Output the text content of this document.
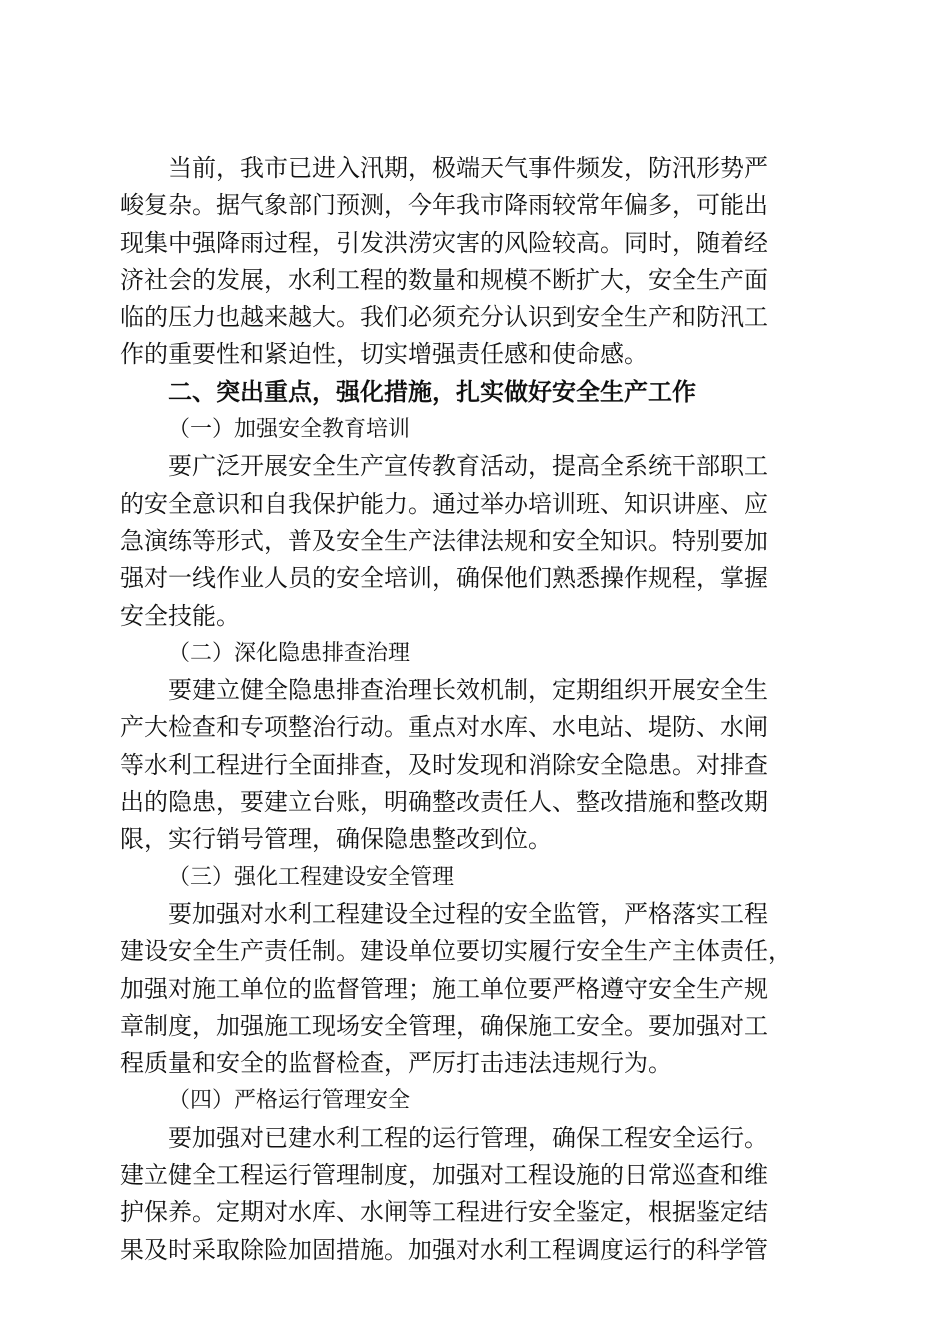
当前，我市已进入汛期，极端天气事件频发，防汛形势严
峻复杂。据气象部门预测，今年我市降雨较常年偏多，可能出
现集中强降雨过程，引发洪涝灾害的风险较高。同时，随着经
济社会的发展，水利工程的数量和规模不断扩大，安全生产面
临的压力也越来越大。我们必须充分认识到安全生产和防汛工
作的重要性和紧迫性，切实增强责任感和使命感。
二、突出重点，强化措施，扎实做好安全生产工作
（一）加强安全教育培训
要广泛开展安全生产宣传教育活动，提高全系统干部职工
的安全意识和自我保护能力。通过举办培训班、知识讲座、应
急演练等形式，普及安全生产法律法规和安全知识。特别要加
强对一线作业人员的安全培训，确保他们熟悉操作规程，掌握
安全技能。
（二）深化隐患排查治理
要建立健全隐患排查治理长效机制，定期组织开展安全生
产大检查和专项整治行动。重点对水库、水电站、堤防、水闸
等水利工程进行全面排查，及时发现和消除安全隐患。对排查
出的隐患，要建立台账，明确整改责任人、整改措施和整改期
限，实行销号管理，确保隐患整改到位。
（三）强化工程建设安全管理
要加强对水利工程建设全过程的安全监管，严格落实工程
建设安全生产责任制。建设单位要切实履行安全生产主体责任，
加强对施工单位的监督管理；施工单位要严格遵守安全生产规
章制度，加强施工现场安全管理，确保施工安全。要加强对工
程质量和安全的监督检查，严厉打击违法违规行为。
（四）严格运行管理安全
要加强对已建水利工程的运行管理，确保工程安全运行。
建立健全工程运行管理制度，加强对工程设施的日常巡查和维
护保养。定期对水库、水闸等工程进行安全鉴定，根据鉴定结
果及时采取除险加固措施。加强对水利工程调度运行的科学管
